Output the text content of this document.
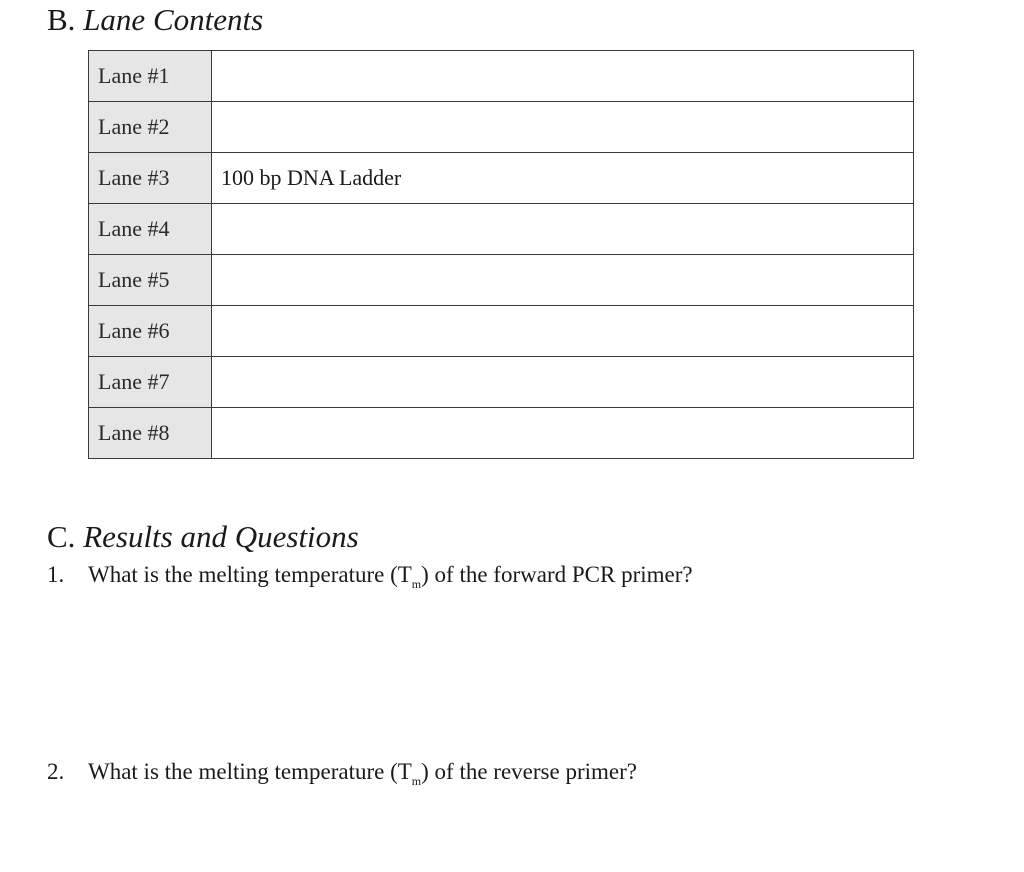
B. Lane Contents
Lane #1	
Lane #2	
Lane #3	100 bp DNA Ladder
Lane #4	
Lane #5	
Lane #6	
Lane #7	
Lane #8	
C. Results and Questions

1. What is the melting temperature $(T_m)$ of the forward PCR primer?

2. What is the melting temperature $(T_m)$ of the reverse primer?
